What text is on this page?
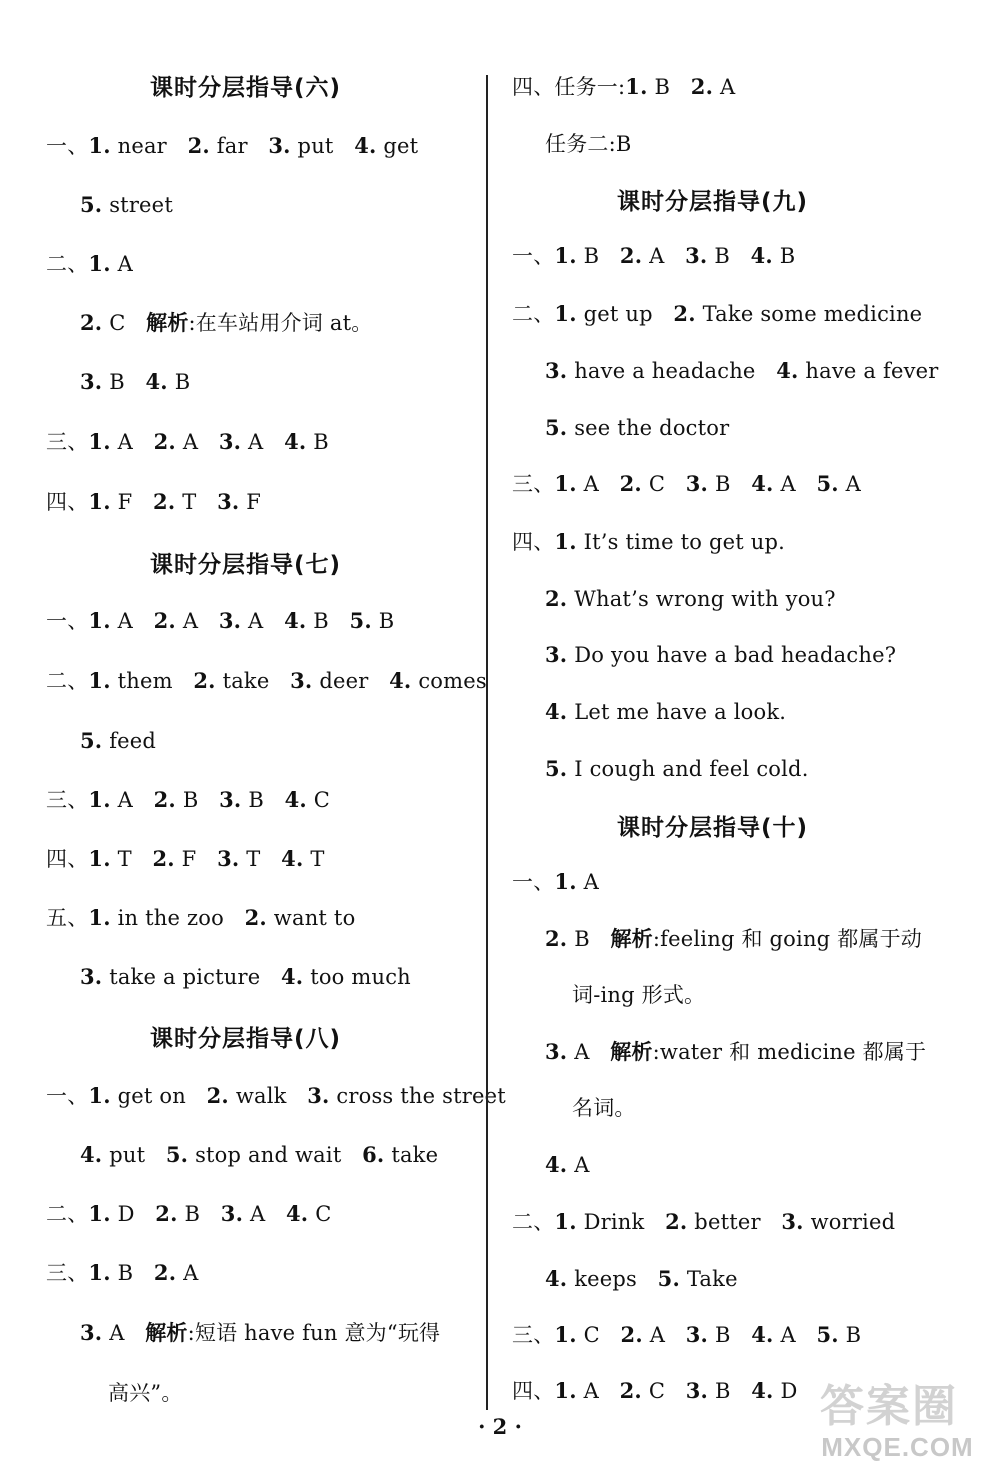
课时分层指导(六)
一、1. near 2. far 3. put 4. get
5. street
二、1. A
2. C 解析:在车站用介词 at。
3. B 4. B
三、1. A 2. A 3. A 4. B
四、1. F 2. T 3. F
课时分层指导(七)
一、1. A 2. A 3. A 4. B 5. B
二、1. them 2. take 3. deer 4. comes
5. feed
三、1. A 2. B 3. B 4. C
四、1. T 2. F 3. T 4. T
五、1. in the zoo 2. want to
3. take a picture 4. too much
课时分层指导(八)
一、1. get on 2. walk 3. cross the street
4. put 5. stop and wait 6. take
二、1. D 2. B 3. A 4. C
三、1. B 2. A
3. A 解析:短语 have fun 意为“玩得
高兴”。
四、任务一:1. B 2. A
任务二:B
课时分层指导(九)
一、1. B 2. A 3. B 4. B
二、1. get up 2. Take some medicine
3. have a headache 4. have a fever
5. see the doctor
三、1. A 2. C 3. B 4. A 5. A
四、1. It’s time to get up.
2. What’s wrong with you?
3. Do you have a bad headache?
4. Let me have a look.
5. I cough and feel cold.
课时分层指导(十)
一、1. A
2. B 解析:feeling 和 going 都属于动
词-ing 形式。
3. A 解析:water 和 medicine 都属于
名词。
4. A
二、1. Drink 2. better 3. worried
4. keeps 5. Take
三、1. C 2. A 3. B 4. A 5. B
四、1. A 2. C 3. B 4. D
· 2 ·	答案圈
MXQE.COM
